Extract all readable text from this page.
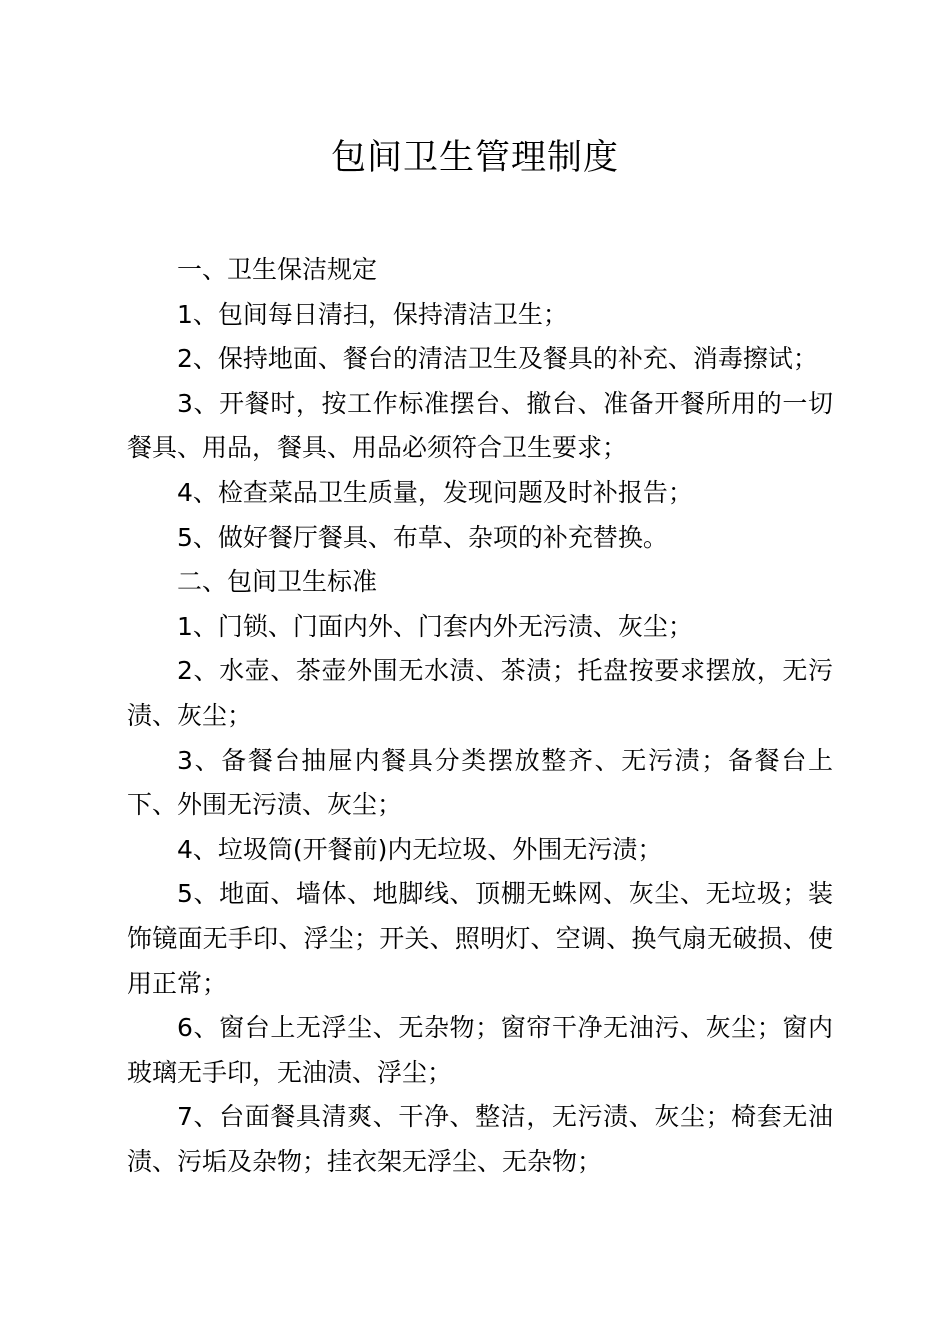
包间卫生管理制度

一、卫生保洁规定

1、包间每日清扫，保持清洁卫生；

2、保持地面、餐台的清洁卫生及餐具的补充、消毒擦试；

3、开餐时，按工作标准摆台、撤台、准备开餐所用的一切餐具、用品，餐具、用品必须符合卫生要求；

4、检查菜品卫生质量，发现问题及时补报告；

5、做好餐厅餐具、布草、杂项的补充替换。

二、包间卫生标准

1、门锁、门面内外、门套内外无污渍、灰尘；

2、水壶、茶壶外围无水渍、茶渍；托盘按要求摆放，无污渍、灰尘；

3、备餐台抽屉内餐具分类摆放整齐、无污渍；备餐台上下、外围无污渍、灰尘；

4、垃圾筒(开餐前)内无垃圾、外围无污渍；

5、地面、墙体、地脚线、顶棚无蛛网、灰尘、无垃圾；装饰镜面无手印、浮尘；开关、照明灯、空调、换气扇无破损、使用正常；

6、窗台上无浮尘、无杂物；窗帘干净无油污、灰尘；窗内玻璃无手印，无油渍、浮尘；

7、台面餐具清爽、干净、整洁，无污渍、灰尘；椅套无油渍、污垢及杂物；挂衣架无浮尘、无杂物；
